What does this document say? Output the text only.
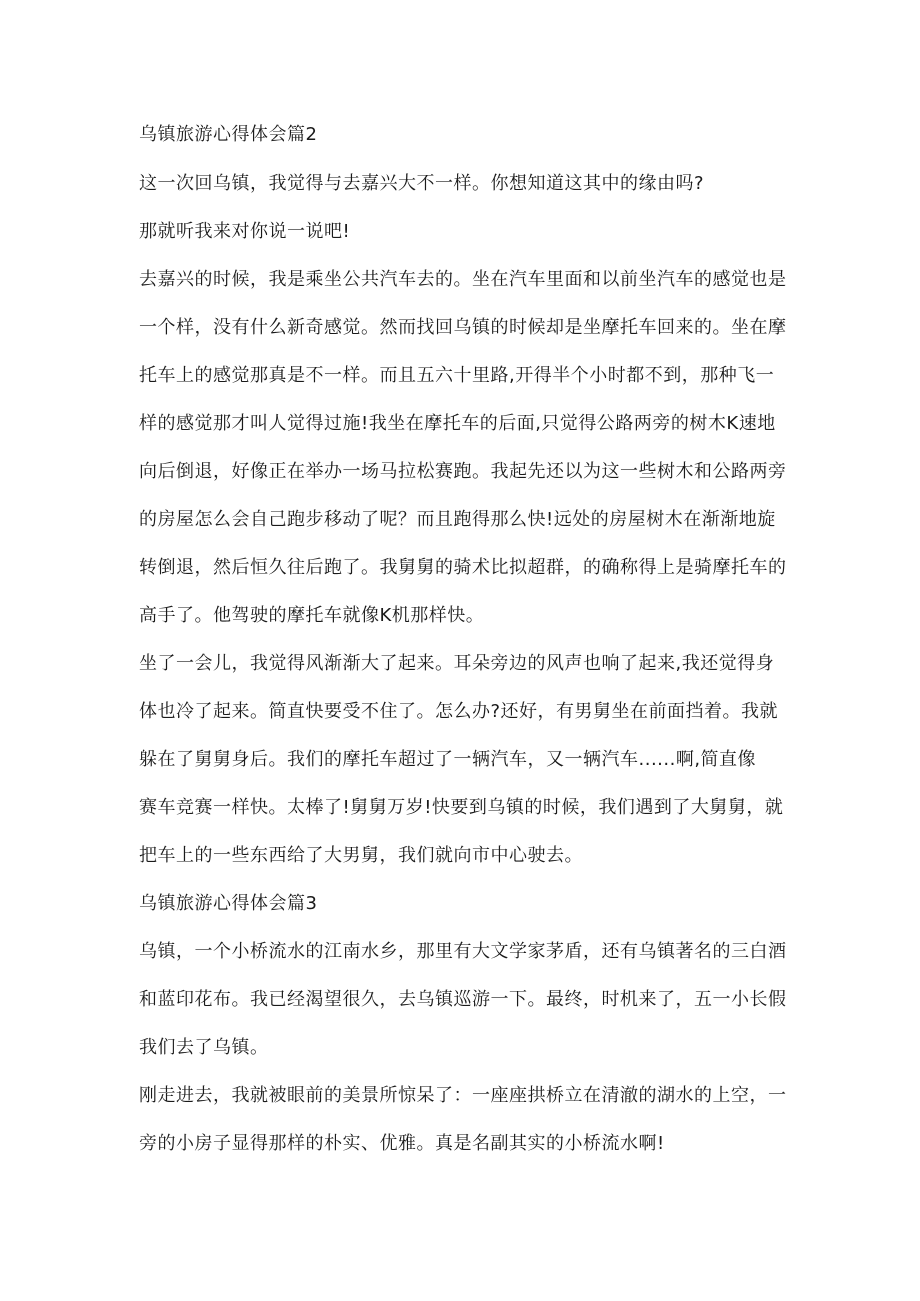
乌镇旅游心得体会篇2
这一次回乌镇，我觉得与去嘉兴大不一样。你想知道这其中的缘由吗?
那就听我来对你说一说吧!
去嘉兴的时候，我是乘坐公共汽车去的。坐在汽车里面和以前坐汽车的感觉也是
一个样，没有什么新奇感觉。然而找回乌镇的时候却是坐摩托车回来的。坐在摩
托车上的感觉那真是不一样。而且五六十里路,开得半个小时都不到，那种飞一
样的感觉那才叫人觉得过施!我坐在摩托车的后面,只觉得公路两旁的树木K速地
向后倒退，好像正在举办一场马拉松赛跑。我起先还以为这一些树木和公路两旁
的房屋怎么会自己跑步移动了呢？而且跑得那么快!远处的房屋树木在渐渐地旋
转倒退，然后恒久往后跑了。我舅舅的骑术比拟超群，的确称得上是骑摩托车的
高手了。他驾驶的摩托车就像K机那样快。
坐了一会儿，我觉得风渐渐大了起来。耳朵旁边的风声也响了起来,我还觉得身
体也冷了起来。简直快要受不住了。怎么办?还好，有男舅坐在前面挡着。我就
躲在了舅舅身后。我们的摩托车超过了一辆汽车，又一辆汽车......啊,简直像
赛车竞赛一样快。太棒了!舅舅万岁!快要到乌镇的时候，我们遇到了大舅舅，就
把车上的一些东西给了大男舅，我们就向市中心驶去。
乌镇旅游心得体会篇3
乌镇，一个小桥流水的江南水乡，那里有大文学家茅盾，还有乌镇著名的三白酒
和蓝印花布。我已经渴望很久，去乌镇巡游一下。最终，时机来了，五一小长假
我们去了乌镇。
刚走进去，我就被眼前的美景所惊呆了：一座座拱桥立在清澈的湖水的上空，一
旁的小房子显得那样的朴实、优雅。真是名副其实的小桥流水啊!
